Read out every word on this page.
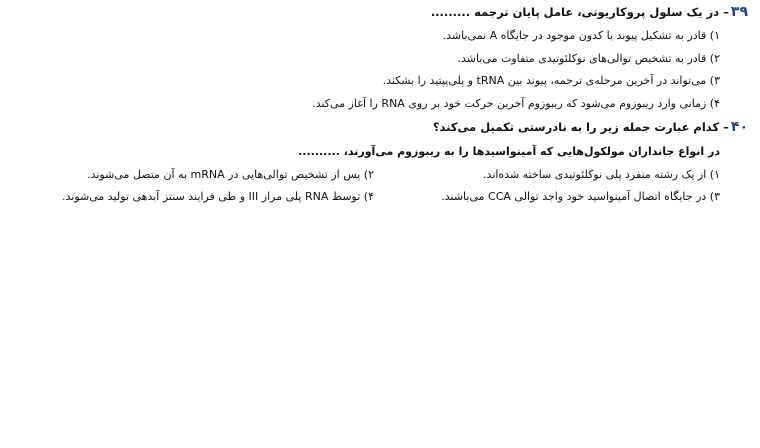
۳۹– در یک سلول پروکاریوتی، عامل پایان ترجمه .........
۱) قادر به تشکیل پیوند با کدون موجود در جایگاه A نمی‌باشد.
۲) قادر به تشخیص توالی‌های نوکلئوتیدی متفاوت می‌باشد.
۳) می‌تواند در آخرین مرحله‌ی ترجمه، پیوند بین tRNA و پلی‌پپتید را بشکند.
۴) زمانی وارد ریبوزوم می‌شود که ریبوزوم آخرین حرکت خود بر روی RNA را آغاز می‌کند.
۴۰– کدام عبارت جمله زیر را به نادرستی تکمیل می‌کند؟
در انواع جانداران مولکول‌هایی که آمینواسیدها را به ریبوزوم می‌آورند، ..........
۱) از یک رشته منفرد پلی نوکلئوتیدی ساخته شده‌اند.
۲) پس از تشخیص توالی‌هایی در mRNA به آن متصل می‌شوند.
۳) در جایگاه اتصال آمینواسید خود واجد توالی CCA می‌باشند.
۴) توسط RNA پلی مراز III و طی فرایند سنتز آبدهی تولید می‌شوند.
